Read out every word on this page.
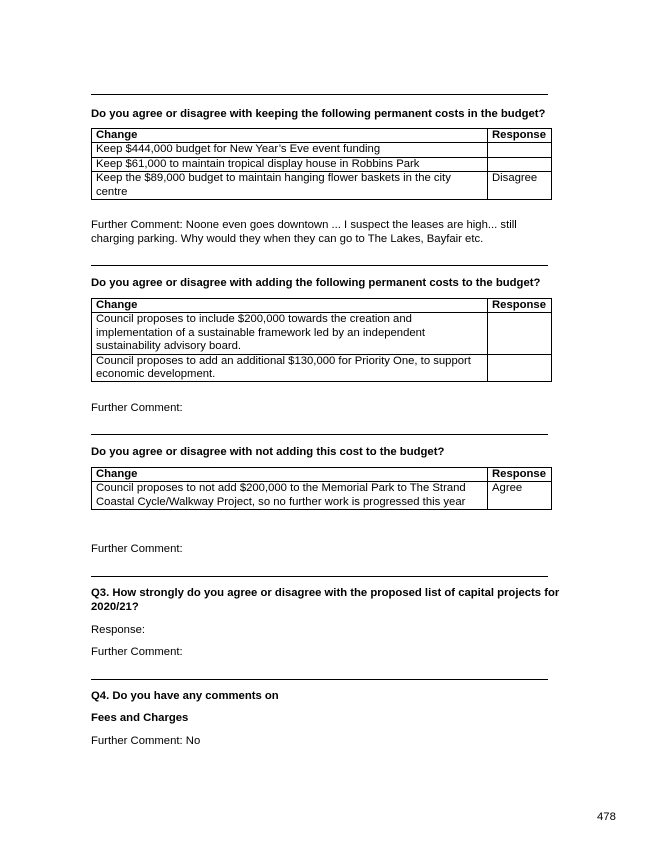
Do you agree or disagree with keeping the following permanent costs in the budget?
Change	Response
Keep $444,000 budget for New Year’s Eve event funding	
Keep $61,000 to maintain tropical display house in Robbins Park	
Keep the $89,000 budget to maintain hanging flower baskets in the city centre	Disagree
Further Comment: Noone even goes downtown ... I suspect the leases are high... still charging parking. Why would they when they can go to The Lakes, Bayfair etc.
Do you agree or disagree with adding the following permanent costs to the budget?
Change	Response
Council proposes to include $200,000 towards the creation and implementation of a sustainable framework led by an independent sustainability advisory board.	
Council proposes to add an additional $130,000 for Priority One, to support economic development.	
Further Comment:
Do you agree or disagree with not adding this cost to the budget?
Change	Response
Council proposes to not add $200,000 to the Memorial Park to The Strand Coastal Cycle/Walkway Project, so no further work is progressed this year	Agree
Further Comment:
Q3. How strongly do you agree or disagree with the proposed list of capital projects for 2020/21?
Response:
Further Comment:
Q4. Do you have any comments on
Fees and Charges
Further Comment: No
478
